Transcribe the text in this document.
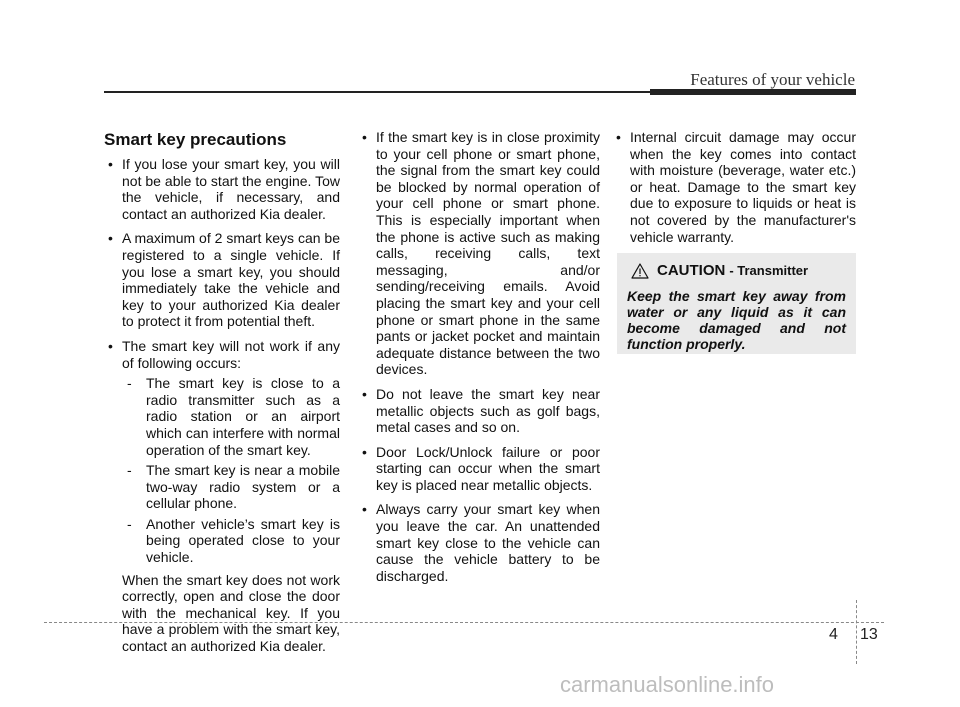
Features of your vehicle
Smart key precautions
• If you lose your smart key, you will not be able to start the engine. Tow the vehicle, if necessary, and contact an authorized Kia dealer.
• A maximum of 2 smart keys can be registered to a single vehicle. If you lose a smart key, you should immediately take the vehicle and key to your authorized Kia dealer to protect it from potential theft.
• The smart key will not work if any of following occurs:
- The smart key is close to a radio transmitter such as a radio station or an airport which can interfere with normal operation of the smart key.
- The smart key is near a mobile two-way radio system or a cellular phone.
- Another vehicle’s smart key is being operated close to your vehicle.

When the smart key does not work correctly, open and close the door with the mechanical key. If you have a problem with the smart key, contact an authorized Kia dealer.

• If the smart key is in close proximity to your cell phone or smart phone, the signal from the smart key could be blocked by normal operation of your cell phone or smart phone. This is especially important when the phone is active such as making calls, receiving calls, text messaging, and/or sending/receiving emails. Avoid placing the smart key and your cell phone or smart phone in the same pants or jacket pocket and maintain adequate distance between the two devices.
• Do not leave the smart key near metallic objects such as golf bags, metal cases and so on.
• Door Lock/Unlock failure or poor starting can occur when the smart key is placed near metallic objects.
• Always carry your smart key when you leave the car. An unattended smart key close to the vehicle can cause the vehicle battery to be discharged.
• Internal circuit damage may occur when the key comes into contact with moisture (beverage, water etc.) or heat. Damage to the smart key due to exposure to liquids or heat is not covered by the manufacturer's vehicle warranty.
CAUTION - Transmitter

Keep the smart key away from water or any liquid as it can become damaged and not function properly.

4 13
carmanualsonline.info
